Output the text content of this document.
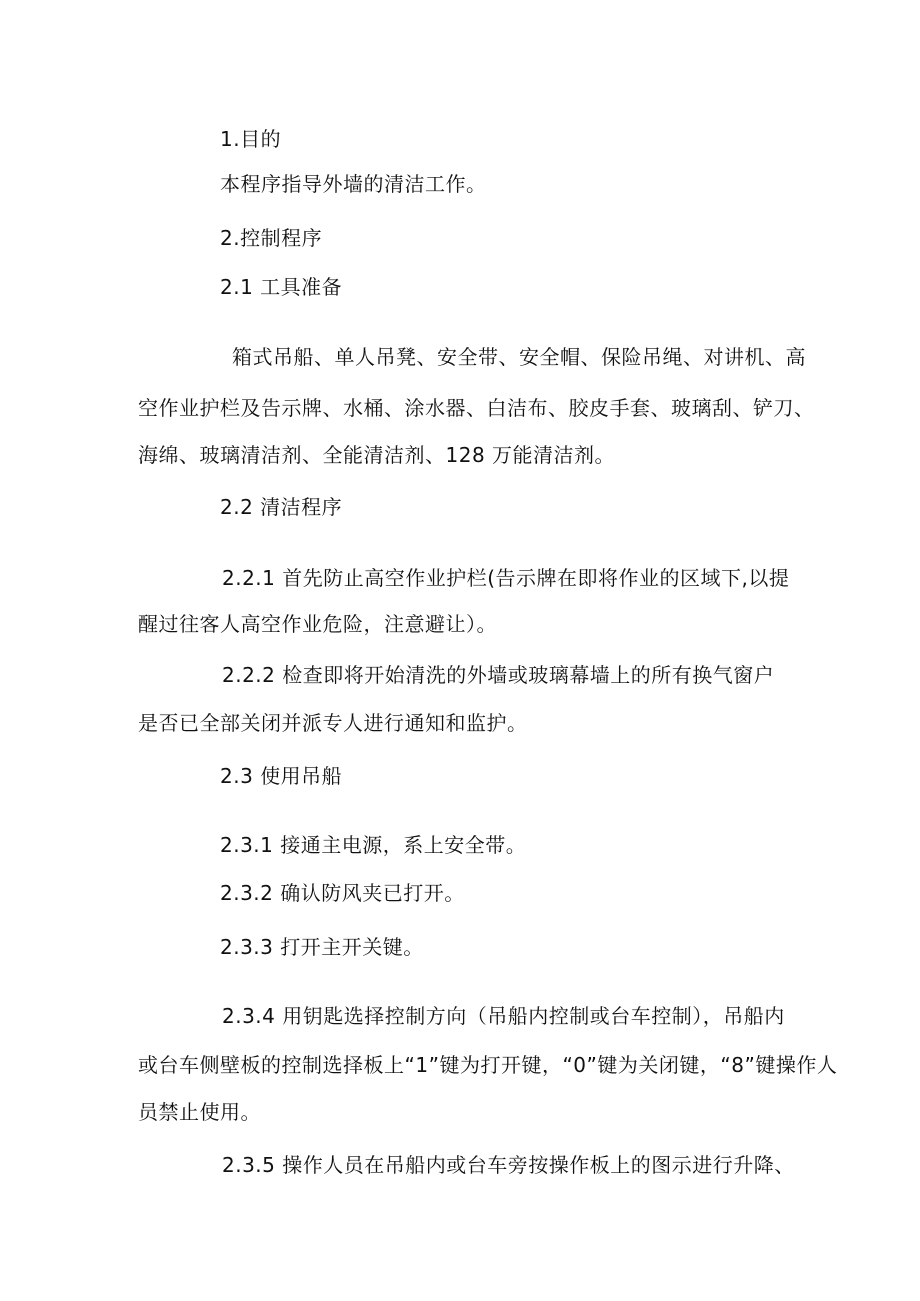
1.目的
本程序指导外墙的清洁工作。
2.控制程序
2.1 工具准备
箱式吊船、单人吊凳、安全带、安全帽、保险吊绳、对讲机、高
空作业护栏及告示牌、水桶、涂水器、白洁布、胶皮手套、玻璃刮、铲刀、
海绵、玻璃清洁剂、全能清洁剂、128 万能清洁剂。
2.2 清洁程序
2.2.1 首先防止高空作业护栏(告示牌在即将作业的区域下,以提
醒过往客人高空作业危险，注意避让）。
2.2.2 检查即将开始清洗的外墙或玻璃幕墙上的所有换气窗户
是否已全部关闭并派专人进行通知和监护。
2.3 使用吊船
2.3.1 接通主电源，系上安全带。
2.3.2 确认防风夹已打开。
2.3.3 打开主开关键。
2.3.4 用钥匙选择控制方向（吊船内控制或台车控制），吊船内
或台车侧壁板的控制选择板上“1”键为打开键，“0”键为关闭键，“8”键操作人
员禁止使用。
2.3.5 操作人员在吊船内或台车旁按操作板上的图示进行升降、
